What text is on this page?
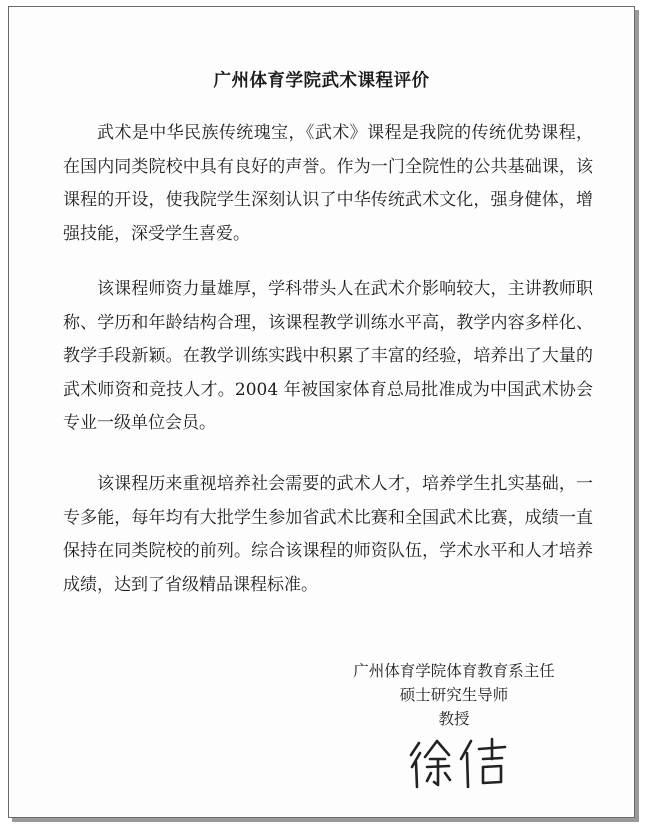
广州体育学院武术课程评价

武术是中华民族传统瑰宝，《武术》课程是我院的传统优势课程，在国内同类院校中具有良好的声誉。作为一门全院性的公共基础课，该课程的开设，使我院学生深刻认识了中华传统武术文化，强身健体，增强技能，深受学生喜爱。

该课程师资力量雄厚，学科带头人在武术介影响较大，主讲教师职称、学历和年龄结构合理，该课程教学训练水平高，教学内容多样化、教学手段新颖。在教学训练实践中积累了丰富的经验，培养出了大量的武术师资和竞技人才。2004 年被国家体育总局批准成为中国武术协会专业一级单位会员。

该课程历来重视培养社会需要的武术人才，培养学生扎实基础，一专多能，每年均有大批学生参加省武术比赛和全国武术比赛，成绩一直保持在同类院校的前列。综合该课程的师资队伍，学术水平和人才培养成绩，达到了省级精品课程标准。

广州体育学院体育教育系主任
硕士研究生导师
教授
